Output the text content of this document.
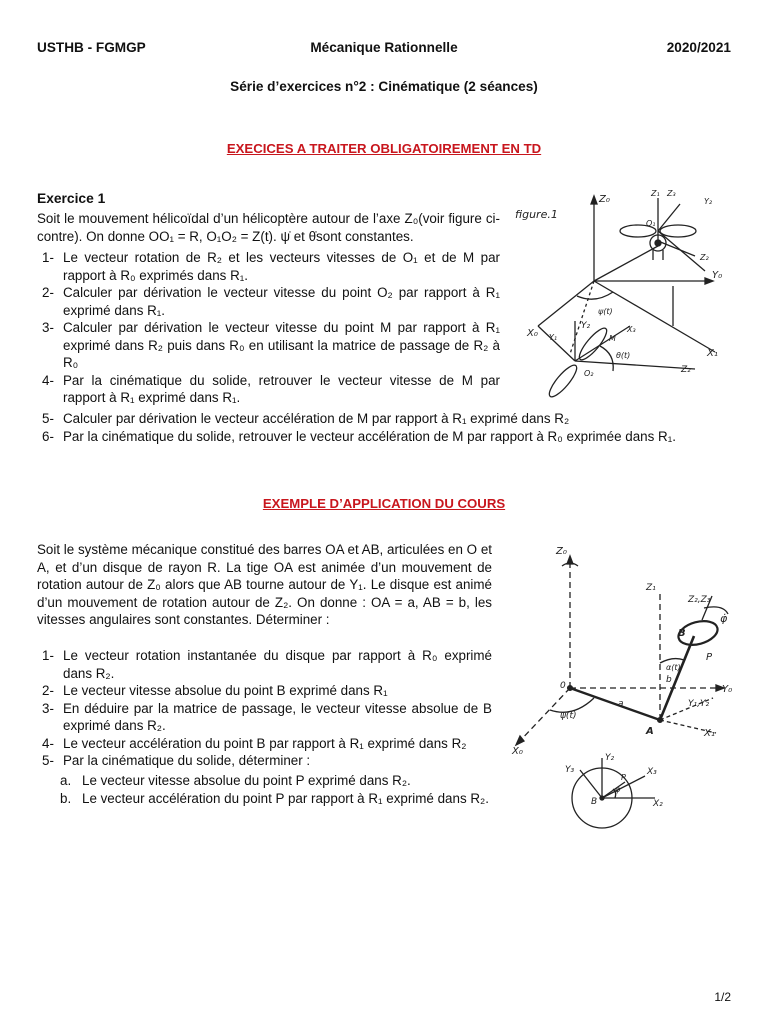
USTHB - FGMGP	Mécanique Rationnelle	2020/2021
Série d’exercices n°2 : Cinématique (2 séances)
EXECICES A TRAITER OBLIGATOIREMENT EN TD
Exercice 1
Soit le mouvement hélicoïdal d’un hélicoptère autour de l’axe Z₀(voir figure ci-contre). On donne OO₁ = R, O₁O₂ = Z(t). ψ̇ et θ̇sont constantes.
1- Le vecteur rotation de R₂ et les vecteurs vitesses de O₁ et de M par rapport à R₀ exprimés dans R₁.
2- Calculer par dérivation le vecteur vitesse du point O₂ par rapport à R₁ exprimé dans R₁.
3- Calculer par dérivation le vecteur vitesse du point M par rapport à R₁ exprimé dans R₂ puis dans R₀ en utilisant la matrice de passage de R₂ à R₀
4- Par la cinématique du solide, retrouver le vecteur vitesse de M par rapport à R₁ exprimé dans R₁.
5- Calculer par dérivation le vecteur accélération de M par rapport à R₁ exprimé dans R₂
6- Par la cinématique du solide, retrouver le vecteur accélération de M par rapport à R₀ exprimée dans R₁.
figure.1
Z₀
Z₁ Z₃
Y₂
O₁
Z₂
ψ(t)
Y₀
X₀ Y₁
Y₂
M
X₃
θ(t)
O₂	Z₂
X₁
EXEMPLE D’APPLICATION DU COURS
Soit le système mécanique constitué des barres OA et AB, articulées en O et A, et d’un disque de rayon R. La tige OA est animée d’un mouvement de rotation autour de Z₀ alors que AB tourne autour de Y₁. Le disque est animé d’un mouvement de rotation autour de Z₂. On donne : OA = a, AB = b, les vitesses angulaires sont constantes. Déterminer :
1- Le vecteur rotation instantanée du disque par rapport à R₀ exprimé dans R₂.
2- Le vecteur vitesse absolue du point B exprimé dans R₁
3- En déduire par la matrice de passage, le vecteur vitesse absolue de B exprimé dans R₂.
4- Le vecteur accélération du point B par rapport à R₁ exprimé dans R₂
5- Par la cinématique du solide, déterminer :
a. Le vecteur vitesse absolue du point P exprimé dans R₂.
b. Le vecteur accélération du point P par rapport à R₁ exprimé dans R₂.
Z₀
Z₁
Z₂,Z₃
φ̇
B
P
α(t)
b
0	Y₀
a
ψ(t)
A
Y₁,Y₂
X₁
X₀
Y₂
Y₃	X₃
P
φ
B	X₂
1/2
